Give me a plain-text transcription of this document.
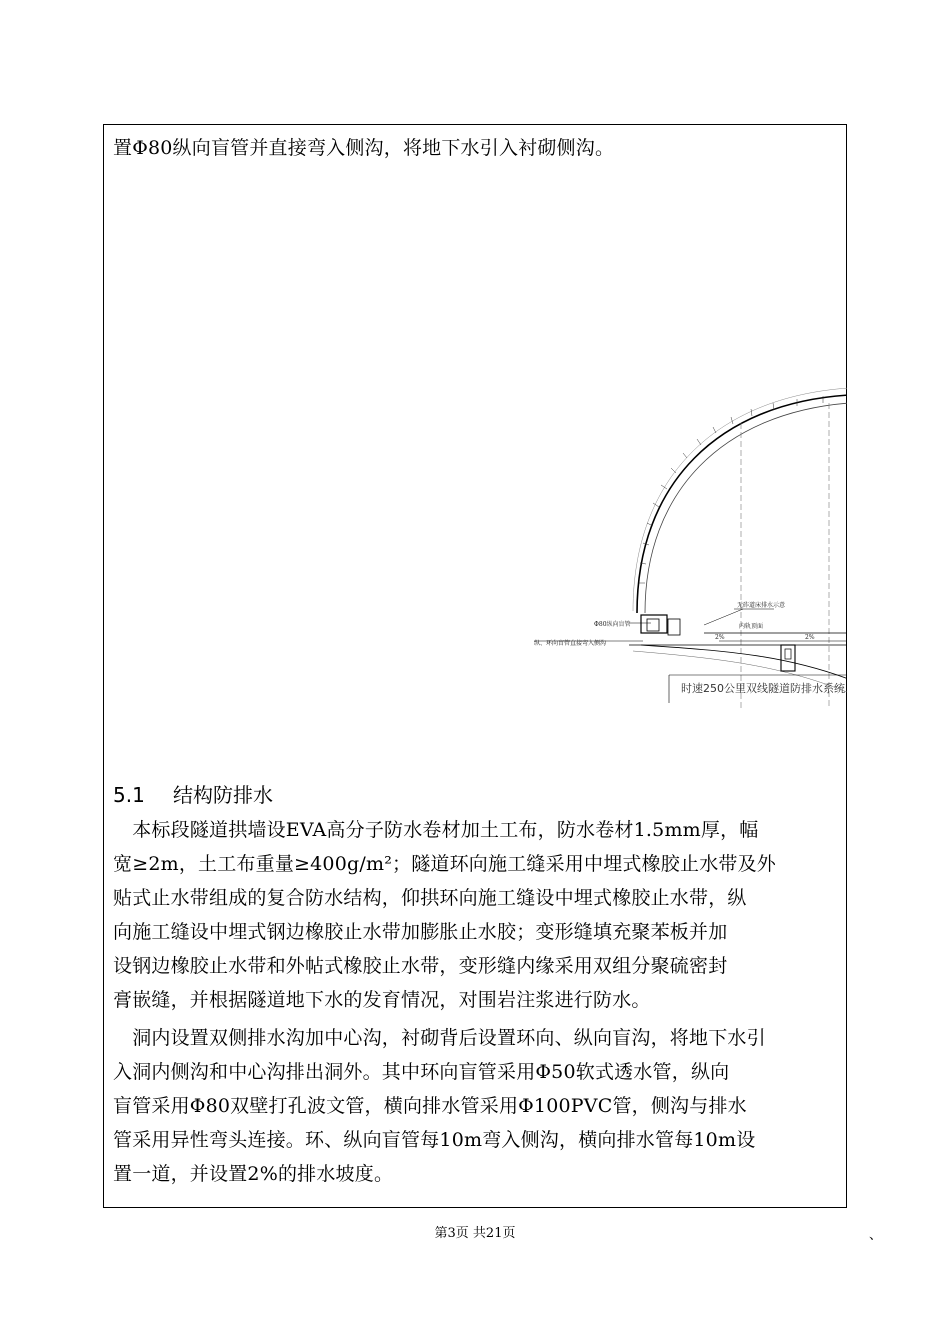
置Φ80纵向盲管并直接弯入侧沟，将地下水引入衬砌侧沟。
无砟道床排水示意
内轨顶面
Φ80纵向盲管
纵、环向盲管直接弯入侧沟
2%	2%
时速250公里双线隧道防排水系统
5.1 结构防排水
　本标段隧道拱墙设EVA高分子防水卷材加土工布，防水卷材1.5mm厚，幅
宽≥2m，土工布重量≥400g/m²；隧道环向施工缝采用中埋式橡胶止水带及外
贴式止水带组成的复合防水结构，仰拱环向施工缝设中埋式橡胶止水带，纵
向施工缝设中埋式钢边橡胶止水带加膨胀止水胶；变形缝填充聚苯板并加
设钢边橡胶止水带和外帖式橡胶止水带，变形缝内缘采用双组分聚硫密封
膏嵌缝，并根据隧道地下水的发育情况，对围岩注浆进行防水。
　洞内设置双侧排水沟加中心沟，衬砌背后设置环向、纵向盲沟，将地下水引
入洞内侧沟和中心沟排出洞外。其中环向盲管采用Φ50软式透水管，纵向
盲管采用Φ80双壁打孔波文管，横向排水管采用Φ100PVC管，侧沟与排水
管采用异性弯头连接。环、纵向盲管每10m弯入侧沟，横向排水管每10m设
置一道，并设置2%的排水坡度。
第3页 共21页	、
